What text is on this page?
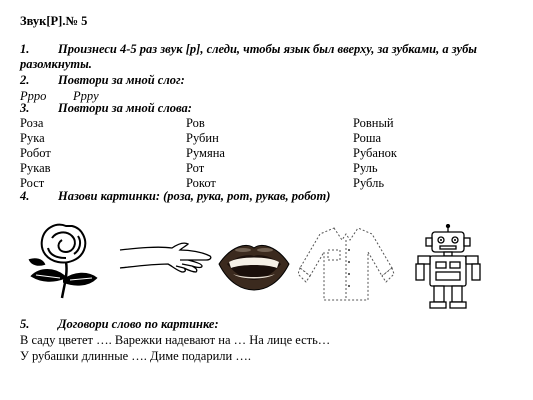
Звук[Р].№ 5
1. Произнеси 4-5 раз звук [р], следи, чтобы язык был вверху, за зубками, а зубы
разомкнуты.
2. Повтори за мной слог:
Рppo Рppy
3. Повтори за мной слова:
Роза
Рука
Робот
Рукав
Рост
Ров
Рубин
Румяна
Рот
Рокот
Ровный
Роша
Рубанок
Руль
Рубль
4. Назови картинки: (роза, рука, рот, рукав, робот)
5. Договори слово по картинке:
В саду цветет …. Варежки надевают на … На лице есть…
У рубашки длинные …. Диме подарили ….
